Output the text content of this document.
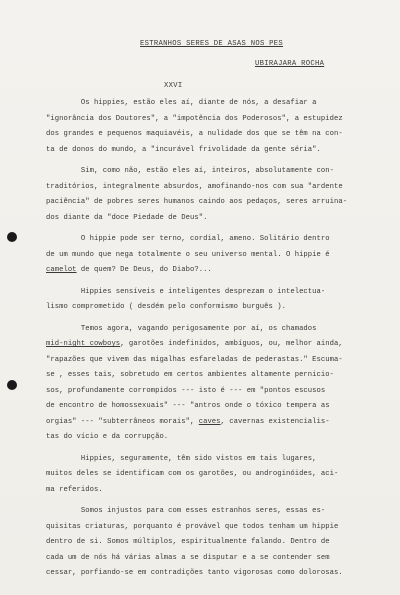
ESTRANHOS SERES DE ASAS NOS PES
UBIRAJARA ROCHA
XXVI
Os hippies, estão eles aí, diante de nós, a desafiar a
"ignorância dos Doutores", a "impotência dos Poderosos", a estupidez
dos grandes e pequenos maquiavéis, a nulidade dos que se têm na con-
ta de donos do mundo, a "incurável frivolidade da gente séria".
Sim, como não, estão eles aí, inteiros, absolutamente con-
traditórios, integralmente absurdos, amofinando-nos com sua "ardente
paciência" de pobres seres humanos caindo aos pedaços, seres arruina-
dos diante da "doce Piedade de Deus".
O hippie pode ser terno, cordial, ameno. Solitário dentro
de um mundo que nega totalmente o seu universo mental. O hippie é
camelot de quem? De Deus, do Diabo?...
Hippies sensíveis e inteligentes desprezam o intelectua-
lismo comprometido ( desdém pelo conformismo burguês ).
Temos agora, vagando perigosamente por aí, os chamados
mid-night cowboys, garotões indefinidos, ambíguos, ou, melhor ainda,
"rapazões que vivem das migalhas esfareladas de pederastas." Escuma-
se , esses tais, sobretudo em certos ambientes altamente pernicio-
sos, profundamente corrompidos --- isto é --- em "pontos escusos
de encontro de homossexuais" --- "antros onde o tóxico tempera as
orgias" --- "subterrâneos morais", caves, cavernas existencialis-
tas do vício e da corrupção.
Hippies, seguramente, têm sido vistos em tais lugares,
muitos deles se identificam com os garotões, ou androginóides, aci-
ma referidos.
Somos injustos para com esses estranhos seres, essas es-
quisitas criaturas, porquanto é provável que todos tenham um hippie
dentro de si. Somos múltiplos, espiritualmente falando. Dentro de
cada um de nós há várias almas a se disputar e a se contender sem
cessar, porfiando-se em contradições tanto vigorosas como dolorosas.
